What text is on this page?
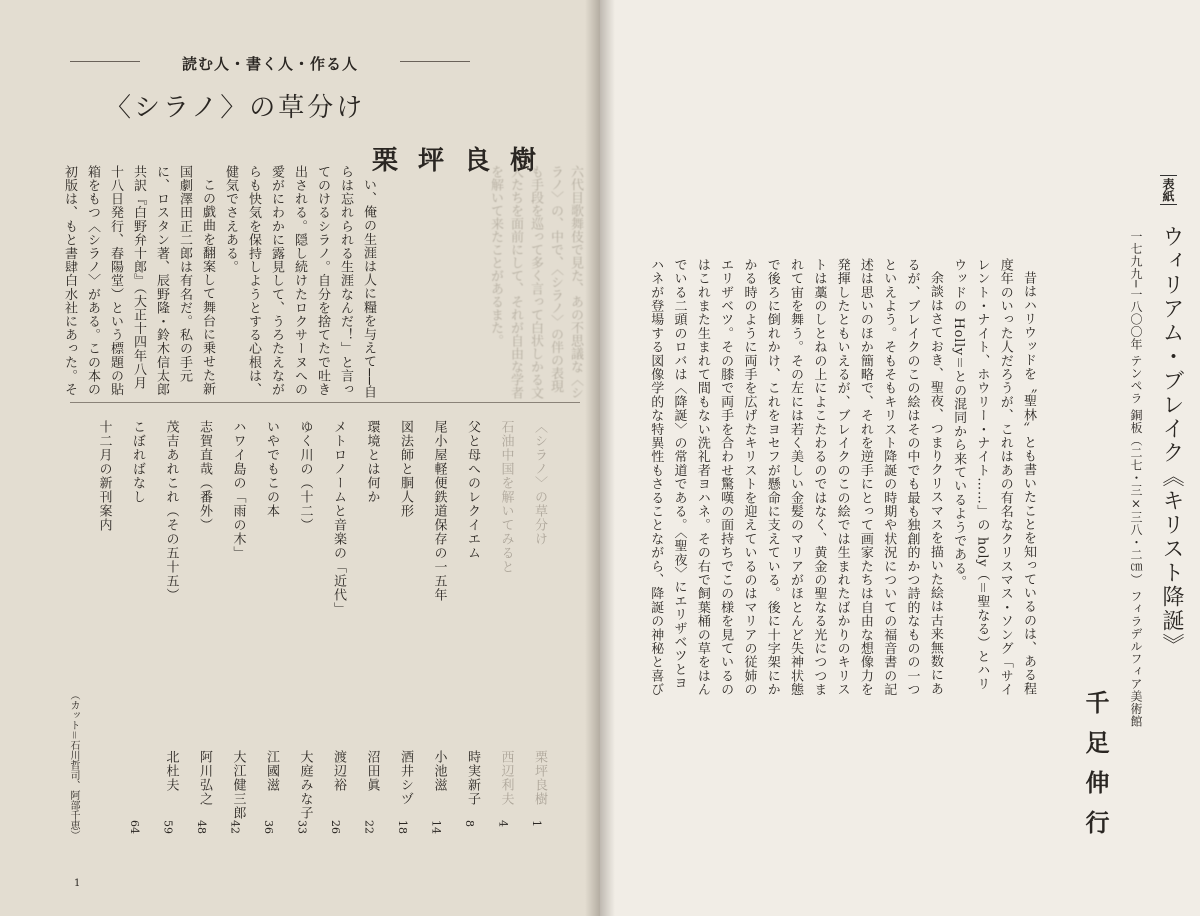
読む人・書く人・作る人
〈シラノ〉の草分け
栗坪良樹
六代目歌舞伎で見た、あの不思議な〈シラノ〉の、中で、〈シラノ〉の伴の表現も手段を巡って多く言って白状しかる文人たちを面前にして、それが自由な学者を解いて来たことがあるまた。

い、俺の生涯は人に糧を与えて──自らは忘れられる生涯なんだ！」と言ってのけるシラノ。自分を捨てたで吐き出される。隠し続けたロクサーヌへの愛がにわかに露見して、うろたえながらも快気を保持しようとする心根は、健気でさえある。

この戯曲を翻案して舞台に乗せた新国劇澤田正二郎は有名だ。私の手元に、ロスタン著、辰野隆・鈴木信太郎共訳『白野弁十郎』（大正十四年八月十八日発行、春陽堂）という標題の貼箱をもつ〈シラノ〉がある。この本の初版は、もと書肆白水社にあった。そ

〈シラノ〉の草分け
栗坪良樹
1
石油中国を解いてみると
西辺利夫
4
父と母へのレクイエム
時実新子
8
尾小屋軽便鉄道保存の一五年
小池滋
14
図法師と胴人形
酒井シヅ
18
環境とは何か
沼田眞
22
メトロノームと音楽の「近代」
渡辺裕
26
ゆく川の（十二）
大庭みな子
33
いやでもこの本
江國滋
36
ハワイ島の「雨の木」
大江健三郎
42
志賀直哉（番外）
阿川弘之
48
茂吉あれこれ（その五十五）
北杜夫
59
こぼればなし
64
十二月の新刊案内
（カット＝石川哲司、阿部千恵）
1
表紙
ウィリアム・ブレイク《キリスト降誕》
一七九九─一八〇〇年 テンペラ 銅板（二七・三×三八・二㎝） フィラデルフィア美術館

昔はハリウッドを〝聖林〟とも書いたことを知っているのは、ある程度年のいった人だろうが、これはあの有名なクリスマス・ソング「サイレント・ナイト、ホウリー・ナイト……」の holy（＝聖なる）とハリウッドの Holly＝との混同から来ているようである。

余談はさておき、聖夜、つまりクリスマスを描いた絵は古来無数にあるが、ブレイクのこの絵はその中でも最も独創的かつ詩的なものの一つといえよう。そもそもキリスト降誕の時期や状況についての福音書の記述は思いのほか簡略で、それを逆手にとって画家たちは自由な想像力を発揮したともいえるが、ブレイクのこの絵では生まれたばかりのキリストは藁のしとねの上によこたわるのではなく、黄金の聖なる光につつまれて宙を舞う。その左には若く美しい金髪のマリアがほとんど失神状態で後ろに倒れかけ、これをヨセフが懸命に支えている。後に十字架にかかる時のように両手を広げたキリストを迎えているのはマリアの従姉のエリザベツ。その膝で両手を合わせ驚嘆の面持ちでこの様を見ているのはこれまた生まれて間もない洗礼者ヨハネ。その右で飼葉桶の草をはんでいる二頭のロバは〈降誕〉の常道である。〈聖夜〉にエリザベツとヨハネが登場する図像学的な特異性もさることながら、降誕の神秘と喜び

千足伸行
